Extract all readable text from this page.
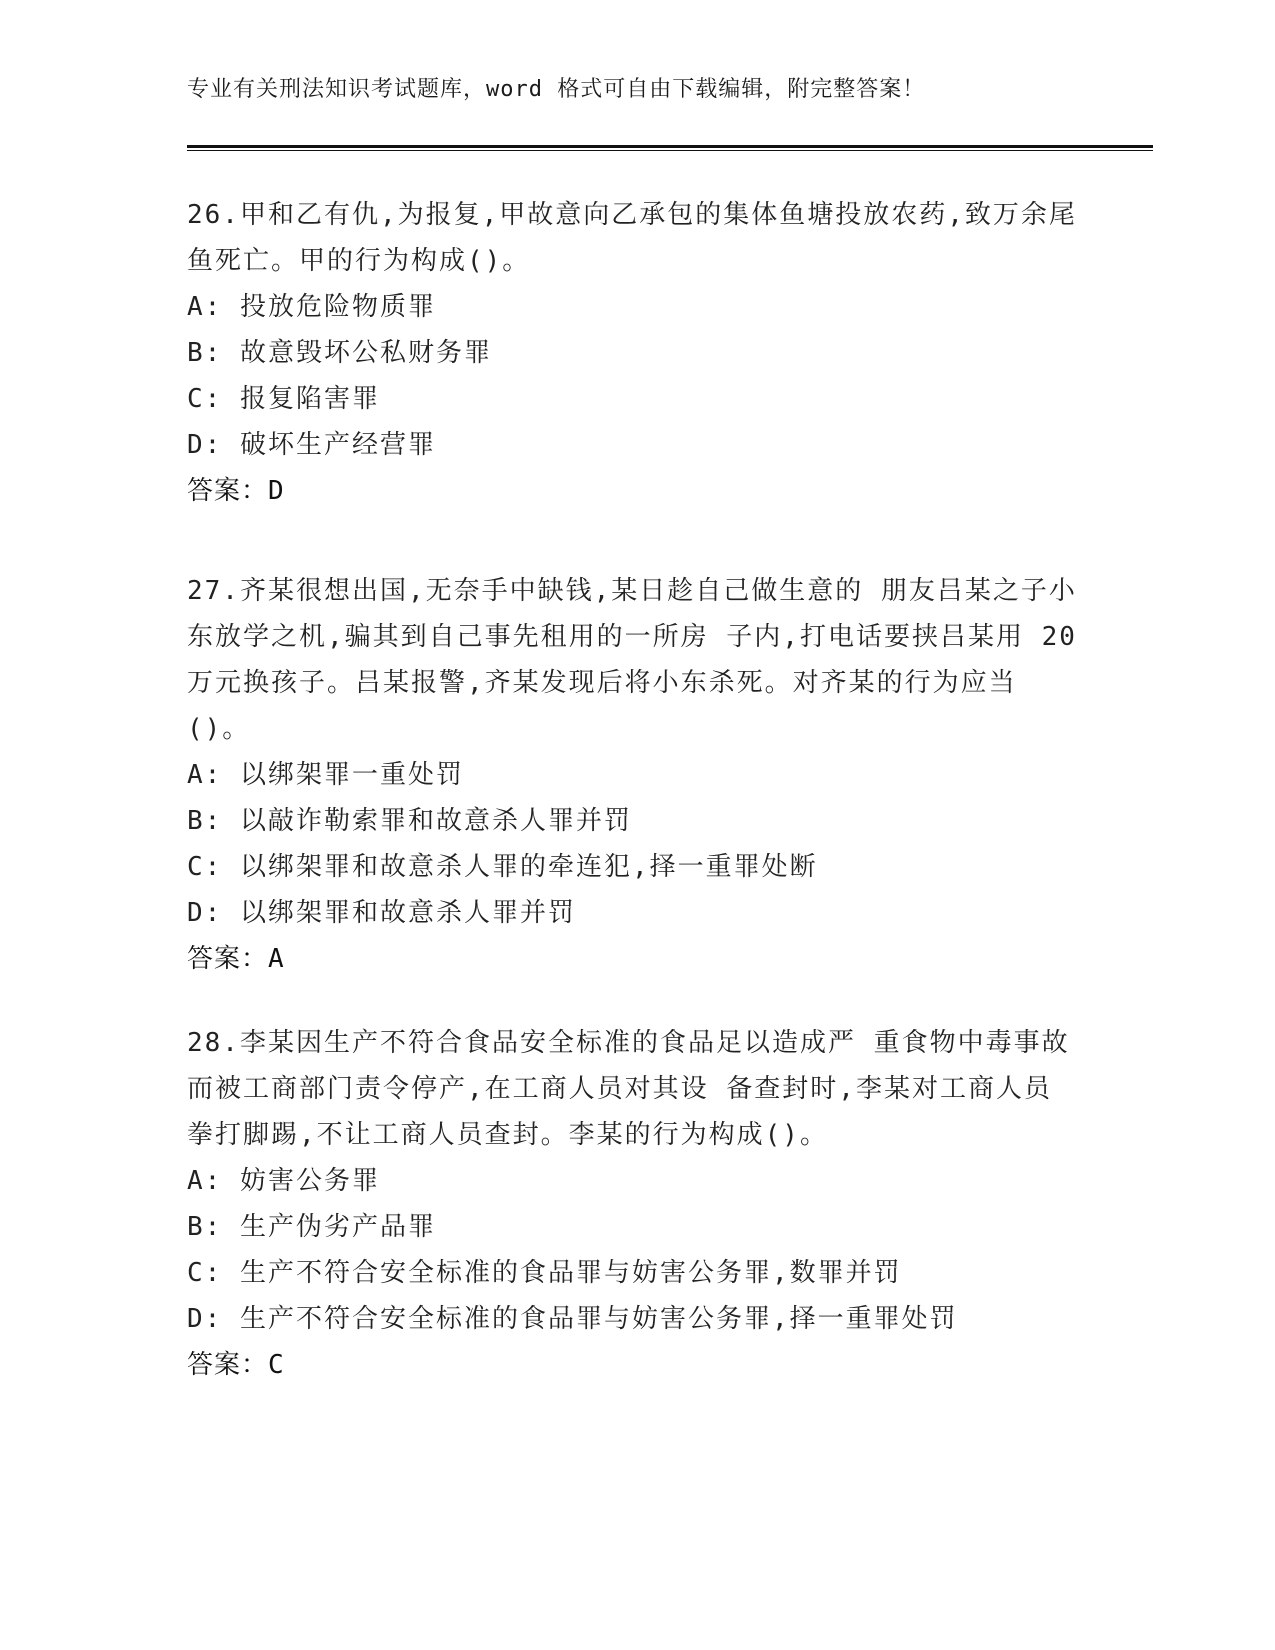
专业有关刑法知识考试题库，word 格式可自由下载编辑，附完整答案！

26.甲和乙有仇,为报复,甲故意向乙承包的集体鱼塘投放农药,致万余尾鱼死亡。甲的行为构成()。

A: 投放危险物质罪

B: 故意毁坏公私财务罪

C: 报复陷害罪

D: 破坏生产经营罪

答案：D

27.齐某很想出国,无奈手中缺钱,某日趁自己做生意的 朋友吕某之子小东放学之机,骗其到自己事先租用的一所房 子内,打电话要挟吕某用 20 万元换孩子。吕某报警,齐某发现后将小东杀死。对齐某的行为应当()。

A: 以绑架罪一重处罚

B: 以敲诈勒索罪和故意杀人罪并罚

C: 以绑架罪和故意杀人罪的牵连犯,择一重罪处断

D: 以绑架罪和故意杀人罪并罚

答案：A

28.李某因生产不符合食品安全标准的食品足以造成严 重食物中毒事故而被工商部门责令停产,在工商人员对其设 备查封时,李某对工商人员拳打脚踢,不让工商人员查封。李某的行为构成()。

A: 妨害公务罪

B: 生产伪劣产品罪

C: 生产不符合安全标准的食品罪与妨害公务罪,数罪并罚

D: 生产不符合安全标准的食品罪与妨害公务罪,择一重罪处罚

答案：C
